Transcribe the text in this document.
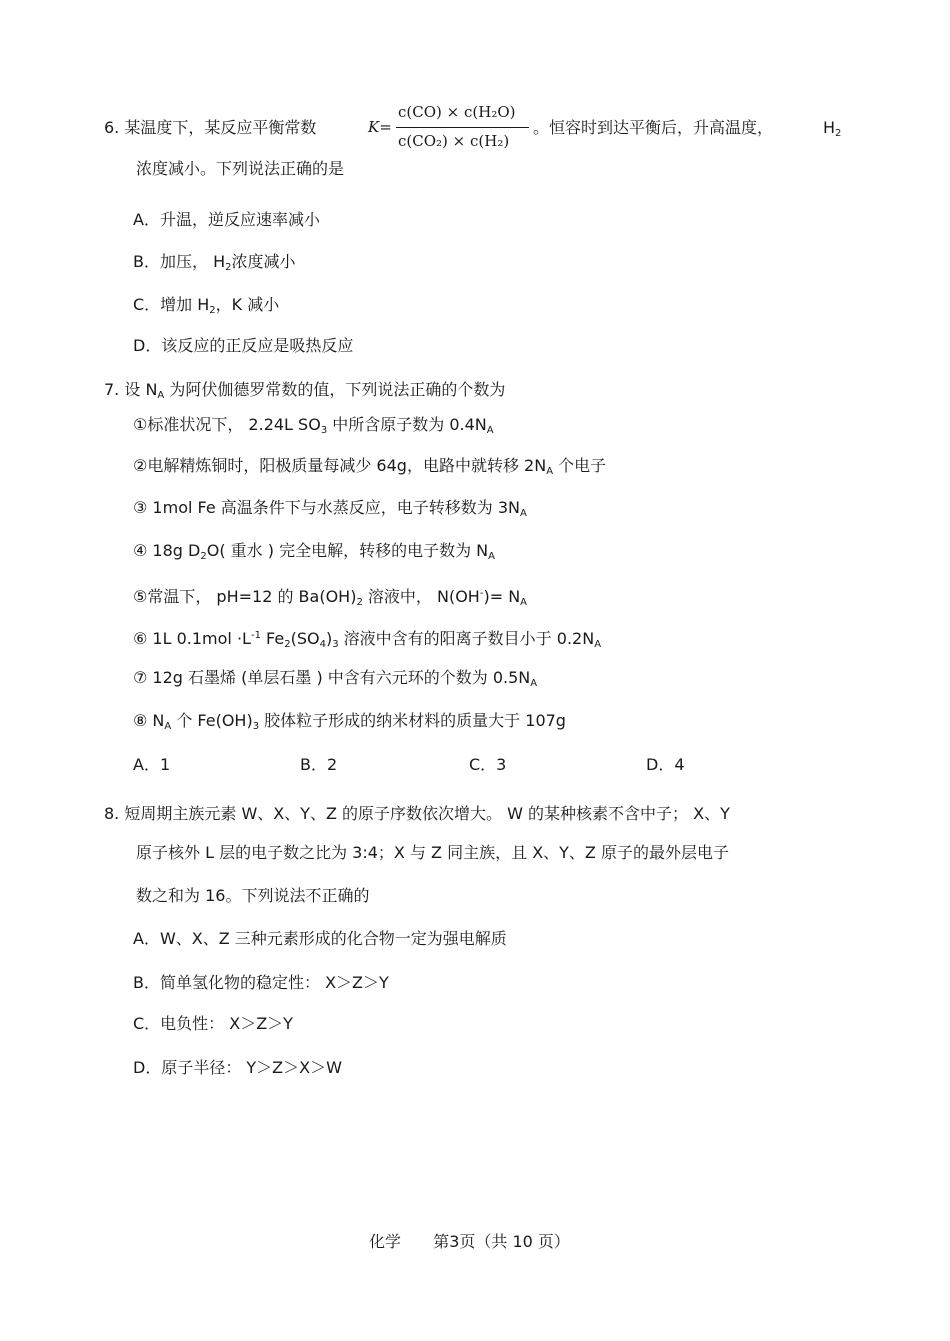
6. 某温度下，某反应平衡常数	K=
c(CO) × c(H₂O)
c(CO₂) × c(H₂)
。恒容时到达平衡后，升高温度，	$H_2$
浓度减小。下列说法正确的是
A．升温，逆反应速率减小
B．加压， $H_2$浓度减小
C．增加 $H_2$，K 减小
D．该反应的正反应是吸热反应
7. 设 $N_A$ 为阿伏伽德罗常数的值，下列说法正确的个数为
①标准状况下， 2.24L $SO_3$ 中所含原子数为 $0.4N_A$
②电解精炼铜时，阳极质量每减少 64g，电路中就转移 $2N_A$ 个电子
③ 1mol Fe 高温条件下与水蒸反应，电子转移数为 $3N_A$
④ 18g $D_2O$( 重水 ) 完全电解，转移的电子数为 $N_A$
⑤常温下， pH=12 的 $Ba(OH)_2$ 溶液中， $N(OH^-)= N_A$
⑥ 1L $0.1mol \cdot L^{-1}$ $Fe_2(SO_4)_3$ 溶液中含有的阳离子数目小于 $0.2N_A$
⑦ 12g 石墨烯 (单层石墨 ) 中含有六元环的个数为 $0.5N_A$
⑧ $N_A$ 个 $Fe(OH)_3$ 胶体粒子形成的纳米材料的质量大于 107g
A．1	B．2	C．3	D．4
8. 短周期主族元素 W、X、Y、Z 的原子序数依次增大。 W 的某种核素不含中子； X、Y
原子核外 L 层的电子数之比为 3:4；X 与 Z 同主族，且 X、Y、Z 原子的最外层电子
数之和为 16。下列说法不正确的
A．W、X、Z 三种元素形成的化合物一定为强电解质
B．简单氢化物的稳定性： X＞Z＞Y
C．电负性： X＞Z＞Y
D．原子半径： Y＞Z＞X＞W
化学 第3页（共 10 页）
